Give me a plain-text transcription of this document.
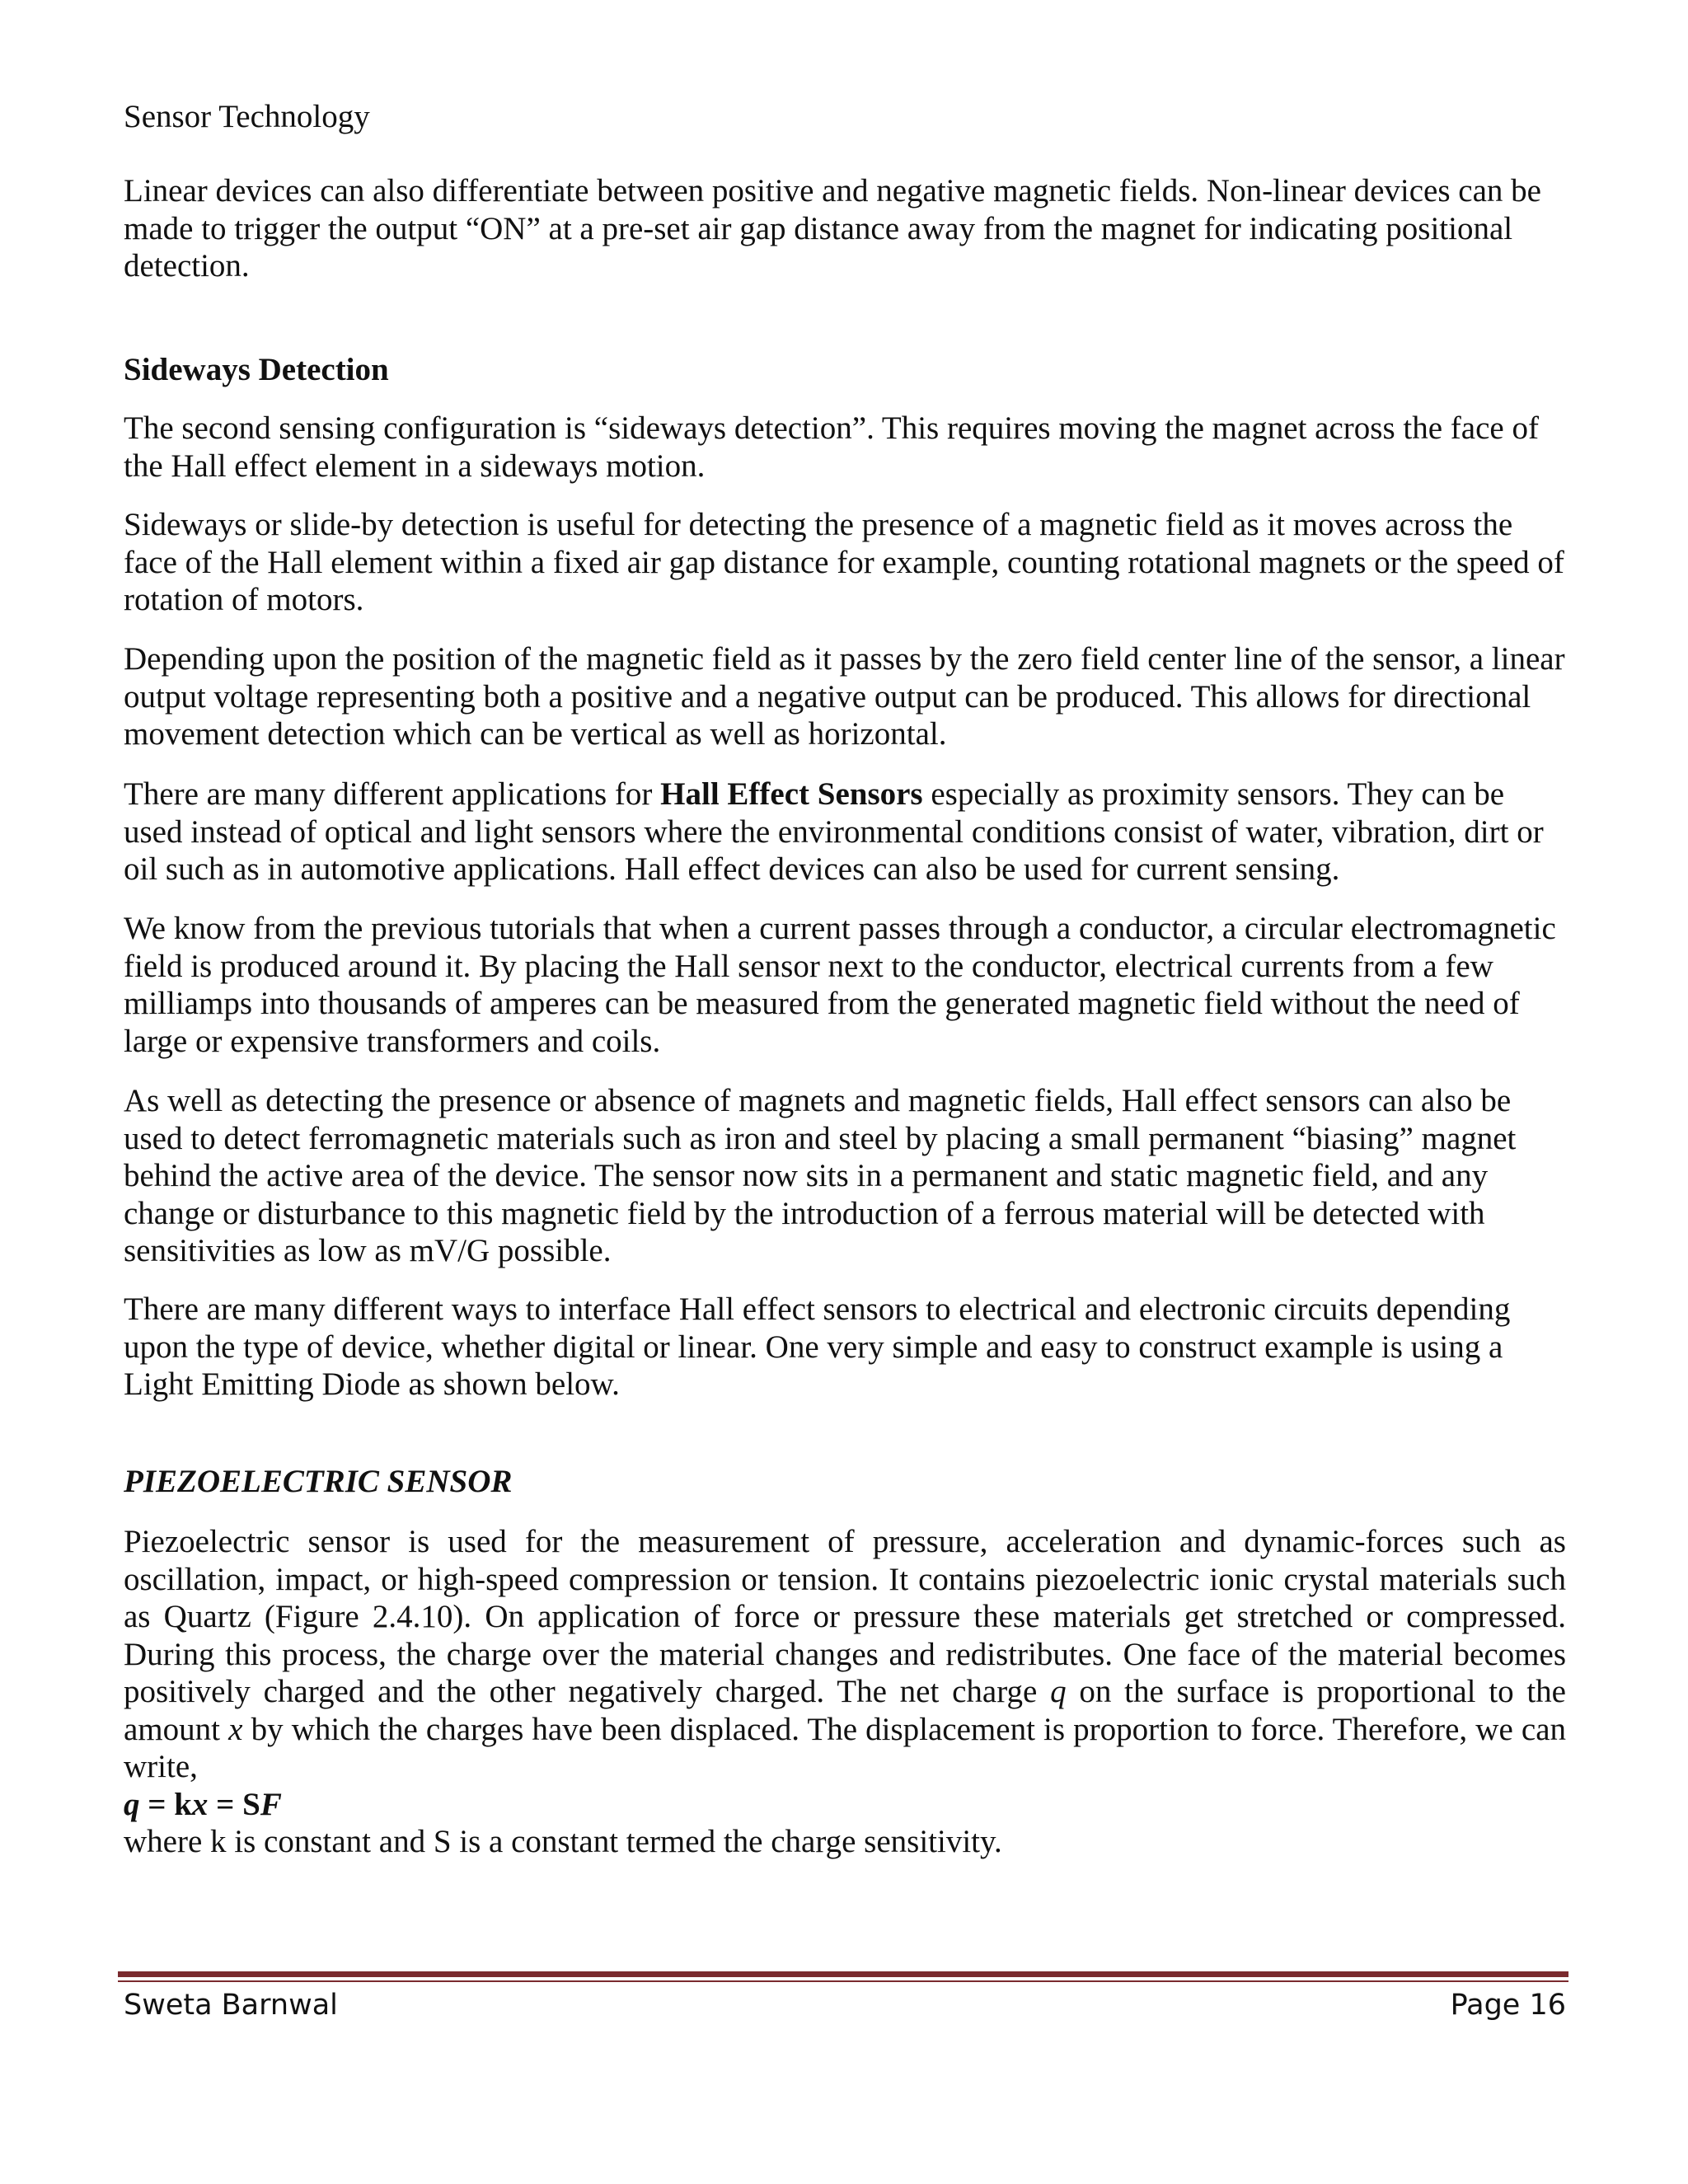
Sensor Technology

Linear devices can also differentiate between positive and negative magnetic fields. Non-linear devices can be made to trigger the output “ON” at a pre-set air gap distance away from the magnet for indicating positional detection.

Sideways Detection

The second sensing configuration is “sideways detection”. This requires moving the magnet across the face of the Hall effect element in a sideways motion.

Sideways or slide-by detection is useful for detecting the presence of a magnetic field as it moves across the face of the Hall element within a fixed air gap distance for example, counting rotational magnets or the speed of rotation of motors.

Depending upon the position of the magnetic field as it passes by the zero field center line of the sensor, a linear output voltage representing both a positive and a negative output can be produced. This allows for directional movement detection which can be vertical as well as horizontal.

There are many different applications for Hall Effect Sensors especially as proximity sensors. They can be used instead of optical and light sensors where the environmental conditions consist of water, vibration, dirt or oil such as in automotive applications. Hall effect devices can also be used for current sensing.

We know from the previous tutorials that when a current passes through a conductor, a circular electromagnetic field is produced around it. By placing the Hall sensor next to the conductor, electrical currents from a few milliamps into thousands of amperes can be measured from the generated magnetic field without the need of large or expensive transformers and coils.

As well as detecting the presence or absence of magnets and magnetic fields, Hall effect sensors can also be used to detect ferromagnetic materials such as iron and steel by placing a small permanent “biasing” magnet behind the active area of the device. The sensor now sits in a permanent and static magnetic field, and any change or disturbance to this magnetic field by the introduction of a ferrous material will be detected with sensitivities as low as mV/G possible.

There are many different ways to interface Hall effect sensors to electrical and electronic circuits depending upon the type of device, whether digital or linear. One very simple and easy to construct example is using a Light Emitting Diode as shown below.

PIEZOELECTRIC SENSOR

Piezoelectric sensor is used for the measurement of pressure, acceleration and dynamic-forces such as oscillation, impact, or high-speed compression or tension. It contains piezoelectric ionic crystal materials such as Quartz (Figure 2.4.10). On application of force or pressure these materials get stretched or compressed. During this process, the charge over the material changes and redistributes. One face of the material becomes positively charged and the other negatively charged. The net charge q on the surface is proportional to the amount x by which the charges have been displaced. The displacement is proportion to force. Therefore, we can write,

q = kx = SF

where k is constant and S is a constant termed the charge sensitivity.

Sweta Barnwal	Page 16
